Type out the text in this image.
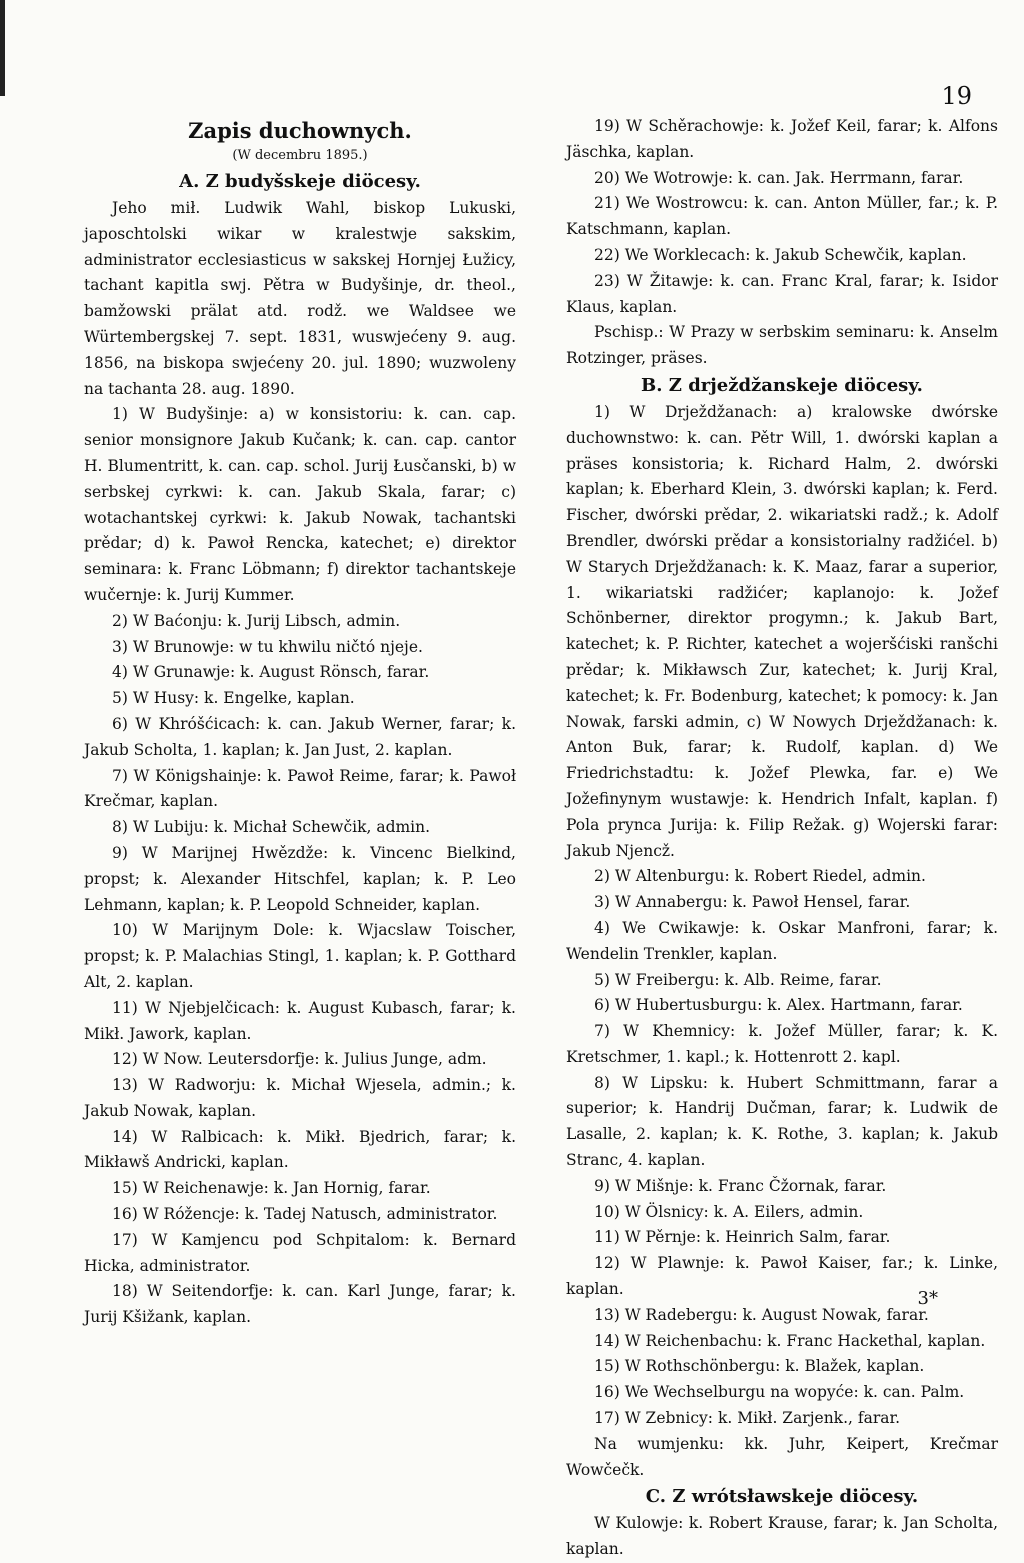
19
Zapis duchownych.
(W decembru 1895.)
A. Z budyšskeje diöcesy.

Jeho mił. Ludwik Wahl, biskop Lukuski, japoschtolski wikar w kralestwje sakskim, administrator ecclesiasticus w sakskej Hornjej Łužicy, tachant kapitla swj. Pětra w Budyšinje, dr. theol., bamžowski prälat atd. rodž. we Waldsee we Würtembergskej 7. sept. 1831, wuswjećeny 9. aug. 1856, na biskopa swjećeny 20. jul. 1890; wuzwoleny na tachanta 28. aug. 1890.

1) W Budyšinje: a) w konsistoriu: k. can. cap. senior monsignore Jakub Kučank; k. can. cap. cantor H. Blumentritt, k. can. cap. schol. Jurij Łusčanski, b) w serbskej cyrkwi: k. can. Jakub Skala, farar; c) wotachantskej cyrkwi: k. Jakub Nowak, tachantski prědar; d) k. Pawoł Rencka, katechet; e) direktor seminara: k. Franc Löbmann; f) direktor tachantskeje wučernje: k. Jurij Kummer.

2) W Baćonju: k. Jurij Libsch, admin.

3) W Brunowje: w tu khwilu ničtó njeje.

4) W Grunawje: k. August Rönsch, farar.

5) W Husy: k. Engelke, kaplan.

6) W Khróšćicach: k. can. Jakub Werner, farar; k. Jakub Scholta, 1. kaplan; k. Jan Just, 2. kaplan.

7) W Königshainje: k. Pawoł Reime, farar; k. Pawoł Krečmar, kaplan.

8) W Lubiju: k. Michał Schewčik, admin.

9) W Marijnej Hwězdže: k. Vincenc Bielkind, propst; k. Alexander Hitschfel, kaplan; k. P. Leo Lehmann, kaplan; k. P. Leopold Schneider, kaplan.

10) W Marijnym Dole: k. Wjacslaw Toischer, propst; k. P. Malachias Stingl, 1. kaplan; k. P. Gotthard Alt, 2. kaplan.

11) W Njebjelčicach: k. August Kubasch, farar; k. Mikł. Jawork, kaplan.

12) W Now. Leutersdorfje: k. Julius Junge, adm.

13) W Radworju: k. Michał Wjesela, admin.; k. Jakub Nowak, kaplan.

14) W Ralbicach: k. Mikł. Bjedrich, farar; k. Mikławš Andricki, kaplan.

15) W Reichenawje: k. Jan Hornig, farar.

16) W Róžencje: k. Tadej Natusch, administrator.

17) W Kamjencu pod Schpitalom: k. Bernard Hicka, administrator.

18) W Seitendorfje: k. can. Karl Junge, farar; k. Jurij Kšižank, kaplan.

19) W Schěrachowje: k. Jožef Keil, farar; k. Alfons Jäschka, kaplan.

20) We Wotrowje: k. can. Jak. Herrmann, farar.

21) We Wostrowcu: k. can. Anton Müller, far.; k. P. Katschmann, kaplan.

22) We Worklecach: k. Jakub Schewčik, kaplan.

23) W Žitawje: k. can. Franc Kral, farar; k. Isidor Klaus, kaplan.

Pschisp.: W Prazy w serbskim seminaru: k. Anselm Rotzinger, präses.

B. Z drježdžanskeje diöcesy.

1) W Drježdžanach: a) kralowske dwórske duchownstwo: k. can. Pětr Will, 1. dwórski kaplan a präses konsistoria; k. Richard Halm, 2. dwórski kaplan; k. Eberhard Klein, 3. dwórski kaplan; k. Ferd. Fischer, dwórski prědar, 2. wikariatski radž.; k. Adolf Brendler, dwórski prědar a konsistorialny radžićel. b) W Starych Drježdžanach: k. K. Maaz, farar a superior, 1. wikariatski radžićer; kaplanojo: k. Jožef Schönberner, direktor progymn.; k. Jakub Bart, katechet; k. P. Richter, katechet a wojeršćiski ranšchi prědar; k. Mikławsch Zur, katechet; k. Jurij Kral, katechet; k. Fr. Bodenburg, katechet; k pomocy: k. Jan Nowak, farski admin, c) W Nowych Drježdžanach: k. Anton Buk, farar; k. Rudolf, kaplan. d) We Friedrichstadtu: k. Jožef Plewka, far. e) We Jožefinynym wustawje: k. Hendrich Infalt, kaplan. f) Pola prynca Jurija: k. Filip Režak. g) Wojerski farar: Jakub Njencž.

2) W Altenburgu: k. Robert Riedel, admin.

3) W Annabergu: k. Pawoł Hensel, farar.

4) We Cwikawje: k. Oskar Manfroni, farar; k. Wendelin Trenkler, kaplan.

5) W Freibergu: k. Alb. Reime, farar.

6) W Hubertusburgu: k. Alex. Hartmann, farar.

7) W Khemnicy: k. Jožef Müller, farar; k. K. Kretschmer, 1. kapl.; k. Hottenrott 2. kapl.

8) W Lipsku: k. Hubert Schmittmann, farar a superior; k. Handrij Dučman, farar; k. Ludwik de Lasalle, 2. kaplan; k. K. Rothe, 3. kaplan; k. Jakub Stranc, 4. kaplan.

9) W Mišnje: k. Franc Čžornak, farar.

10) W Ölsnicy: k. A. Eilers, admin.

11) W Pěrnje: k. Heinrich Salm, farar.

12) W Plawnje: k. Pawoł Kaiser, far.; k. Linke, kaplan.

13) W Radebergu: k. August Nowak, farar.

14) W Reichenbachu: k. Franc Hackethal, kaplan.

15) W Rothschönbergu: k. Blažek, kaplan.

16) We Wechselburgu na wopyće: k. can. Palm.

17) W Zebnicy: k. Mikł. Zarjenk., farar.

Na wumjenku: kk. Juhr, Keipert, Krečmar Wowčečk.

C. Z wrótsławskeje diöcesy.

W Kulowje: k. Robert Krause, farar; k. Jan Scholta, kaplan.

3*
